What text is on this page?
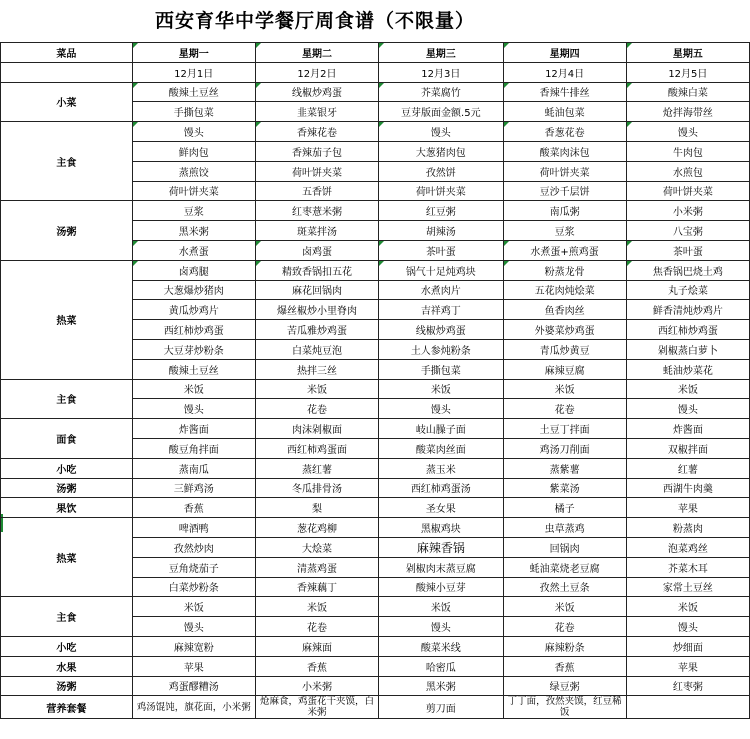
西安育华中学餐厅周食谱（不限量）
菜品	星期一	星期二	星期三	星期四	星期五
	12月1日	12月2日	12月3日	12月4日	12月5日
小菜	酸辣土豆丝	线椒炒鸡蛋	芥菜腐竹	香辣牛排丝	酸辣白菜
	手撕包菜	韭菜银牙	豆芽版面金额.5元	蚝油包菜	炝拌海带丝
主食	馒头	香辣花卷	馒头	香葱花卷	馒头
	鲜肉包	香辣茄子包	大葱猪肉包	酸菜肉沫包	牛肉包
	蒸煎饺	荷叶饼夹菜	孜然饼	荷叶饼夹菜	水煎包
	荷叶饼夹菜	五香饼	荷叶饼夹菜	豆沙千层饼	荷叶饼夹菜
汤粥	豆浆	红枣薏米粥	红豆粥	南瓜粥	小米粥
	黑米粥	斑菜拌汤	胡辣汤	豆浆	八宝粥
	水煮蛋	卤鸡蛋	茶叶蛋	水煮蛋+煎鸡蛋	茶叶蛋
热菜	卤鸡腿	精致香锅扣五花	锅气十足炖鸡块	粉蒸龙骨	焦香锅巴烧土鸡
	大葱爆炒猪肉	麻花回锅肉	水煮肉片	五花肉炖烩菜	丸子烩菜
	黄瓜炒鸡片	爆丝椒炒小里脊肉	吉祥鸡丁	鱼香肉丝	鲜香清炖炒鸡片
	西红柿炒鸡蛋	苦瓜雅炒鸡蛋	线椒炒鸡蛋	外婆菜炒鸡蛋	西红柿炒鸡蛋
	大豆芽炒粉条	白菜炖豆泡	土人参炖粉条	青瓜炒黄豆	剁椒蒸白萝卜
	酸辣土豆丝	热拌三丝	手撕包菜	麻辣豆腐	蚝油炒菜花
主食	米饭	米饭	米饭	米饭	米饭
	馒头	花卷	馒头	花卷	馒头
面食	炸酱面	肉沫剁椒面	岐山臊子面	土豆丁拌面	炸酱面
	酸豆角拌面	西红柿鸡蛋面	酸菜肉丝面	鸡汤刀削面	双椒拌面
小吃	蒸南瓜	蒸红薯	蒸玉米	蒸紫薯	红薯
汤粥	三鲜鸡汤	冬瓜排骨汤	西红柿鸡蛋汤	紫菜汤	西湖牛肉羹
果饮	香蕉	梨	圣女果	橘子	苹果
热菜	啤酒鸭	葱花鸡柳	黑椒鸡块	虫草蒸鸡	粉蒸肉
	孜然炒肉	大烩菜	麻辣香锅	回锅肉	泡菜鸡丝
	豆角烧茄子	清蒸鸡蛋	剁椒肉末蒸豆腐	蚝油菜烧老豆腐	芥菜木耳
	白菜炒粉条	香辣藕丁	酸辣小豆芽	孜然土豆条	家常土豆丝
主食	米饭	米饭	米饭	米饭	米饭
	馒头	花卷	馒头	花卷	馒头
小吃	麻辣宽粉	麻辣面	酸菜米线	麻辣粉条	炒细面
水果	苹果	香蕉	哈密瓜	香蕉	苹果
汤粥	鸡蛋醪糟汤	小米粥	黑米粥	绿豆粥	红枣粥
营养套餐	鸡汤馄饨，旗花面，小米粥	炝麻食，鸡蛋花干夹馍，白米粥	剪刀面	丁丁面，孜然夹馍，红豆稀饭	
